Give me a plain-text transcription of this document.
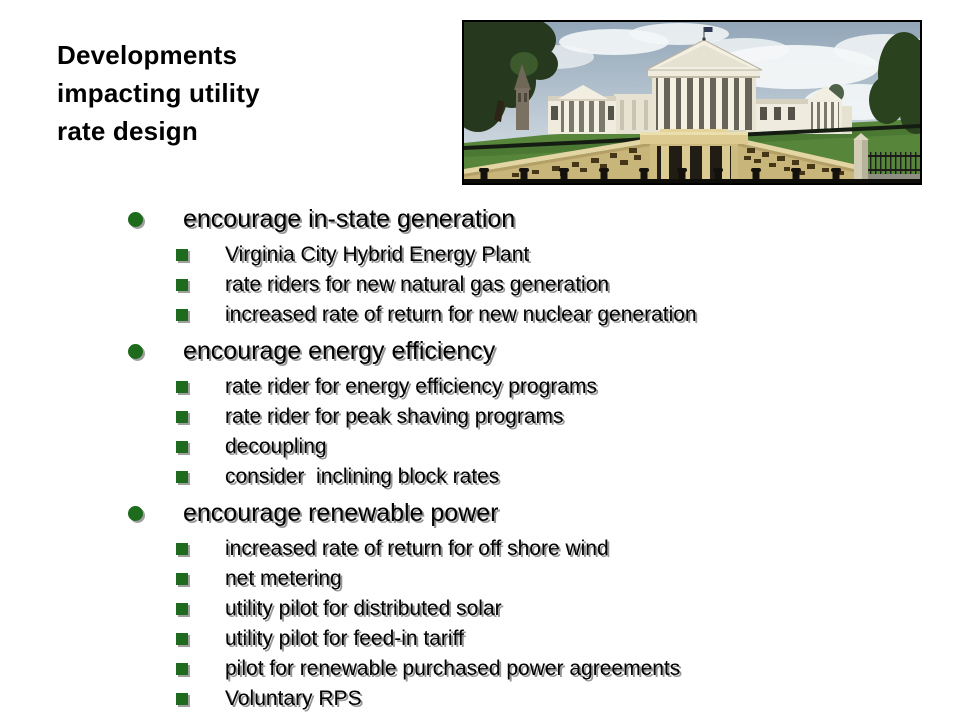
Developments
impacting utility
rate design
encourage in-state generation
Virginia City Hybrid Energy Plant
rate riders for new natural gas generation
increased rate of return for new nuclear generation
encourage energy efficiency
rate rider for energy efficiency programs
rate rider for peak shaving programs
decoupling
consider  inclining block rates
encourage renewable power
increased rate of return for off shore wind
net metering
utility pilot for distributed solar
utility pilot for feed-in tariff
pilot for renewable purchased power agreements
Voluntary RPS
